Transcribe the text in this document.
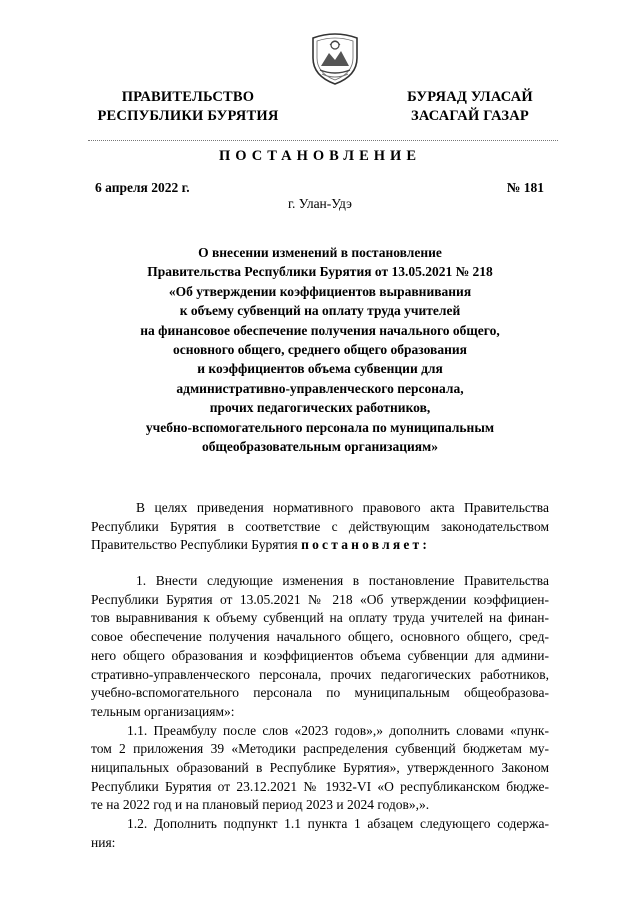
ПРАВИТЕЛЬСТВО
РЕСПУБЛИКИ БУРЯТИЯ
БУРЯАД УЛАСАЙ
ЗАСАГАЙ ГАЗАР
ПОСТАНОВЛЕНИЕ
6 апреля 2022 г.	№ 181
г. Улан-Удэ
О внесении изменений в постановление
Правительства Республики Бурятия от 13.05.2021 № 218
«Об утверждении коэффициентов выравнивания
к объему субвенций на оплату труда учителей
на финансовое обеспечение получения начального общего,
основного общего, среднего общего образования
и коэффициентов объема субвенции для
административно-управленческого персонала,
прочих педагогических работников,
учебно-вспомогательного персонала по муниципальным
общеобразовательным организациям»
В целях приведения нормативного правового акта Правительства
Республики Бурятия в соответствие с действующим законодательством
Правительство Республики Бурятия постановляет:
1. Внести следующие изменения в постановление Правительства
Республики Бурятия от 13.05.2021 № 218 «Об утверждении коэффициен-
тов выравнивания к объему субвенций на оплату труда учителей на финан-
совое обеспечение получения начального общего, основного общего, сред-
него общего образования и коэффициентов объема субвенции для админи-
стративно-управленческого персонала, прочих педагогических работников,
учебно-вспомогательного персонала по муниципальным общеобразова-
тельным организациям»:
1.1. Преамбулу после слов «2023 годов»,» дополнить словами «пунк-
том 2 приложения 39 «Методики распределения субвенций бюджетам му-
ниципальных образований в Республике Бурятия», утвержденного Законом
Республики Бурятия от 23.12.2021 № 1932-VI «О республиканском бюдже-
те на 2022 год и на плановый период 2023 и 2024 годов»,».
1.2. Дополнить подпункт 1.1 пункта 1 абзацем следующего содержа-
ния:
